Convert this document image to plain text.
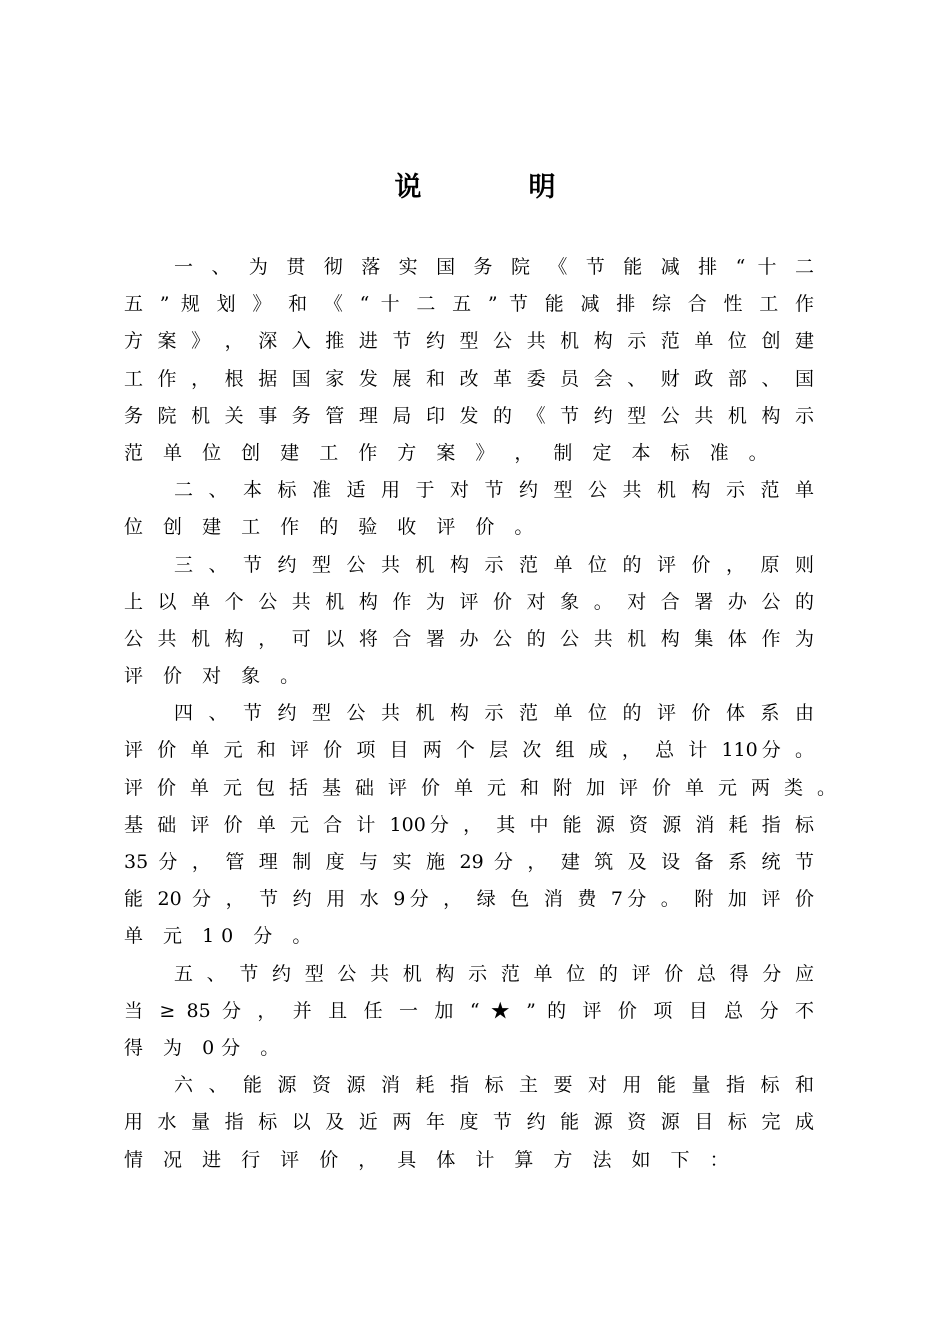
说　明
一 、 为 贯 彻 落 实 国 务 院 《 节 能 减 排 “ 十 二
五 ” 规 划 》 和 《 “ 十 二 五 ” 节 能 减 排 综 合 性 工 作
方 案 》 ， 深 入 推 进 节 约 型 公 共 机 构 示 范 单 位 创 建
工 作 ， 根 据 国 家 发 展 和 改 革 委 员 会 、 财 政 部 、 国
务 院 机 关 事 务 管 理 局 印 发 的 《 节 约 型 公 共 机 构 示
范 单 位 创 建 工 作 方 案 》 ， 制 定 本 标 准 。
二 、 本 标 准 适 用 于 对 节 约 型 公 共 机 构 示 范 单
位 创 建 工 作 的 验 收 评 价 。
三 、 节 约 型 公 共 机 构 示 范 单 位 的 评 价 ， 原 则
上 以 单 个 公 共 机 构 作 为 评 价 对 象 。 对 合 署 办 公 的
公 共 机 构 ， 可 以 将 合 署 办 公 的 公 共 机 构 集 体 作 为
评 价 对 象 。
四 、 节 约 型 公 共 机 构 示 范 单 位 的 评 价 体 系 由
评 价 单 元 和 评 价 项 目 两 个 层 次 组 成 ， 总 计 110分 。
评 价 单 元 包 括 基 础 评 价 单 元 和 附 加 评 价 单 元 两 类 。
基 础 评 价 单 元 合 计 100分 ， 其 中 能 源 资 源 消 耗 指 标
35 分 ， 管 理 制 度 与 实 施 29 分 ， 建 筑 及 设 备 系 统 节
能 20 分 ， 节 约 用 水 9分 ， 绿 色 消 费 7分 。 附 加 评 价
单 元 10 分 。
五 、 节 约 型 公 共 机 构 示 范 单 位 的 评 价 总 得 分 应
当 ≥ 85 分 ， 并 且 任 一 加 “ ★ ” 的 评 价 项 目 总 分 不
得 为 0分 。
六 、 能 源 资 源 消 耗 指 标 主 要 对 用 能 量 指 标 和
用 水 量 指 标 以 及 近 两 年 度 节 约 能 源 资 源 目 标 完 成
情 况 进 行 评 价 ， 具 体 计 算 方 法 如 下 ：
